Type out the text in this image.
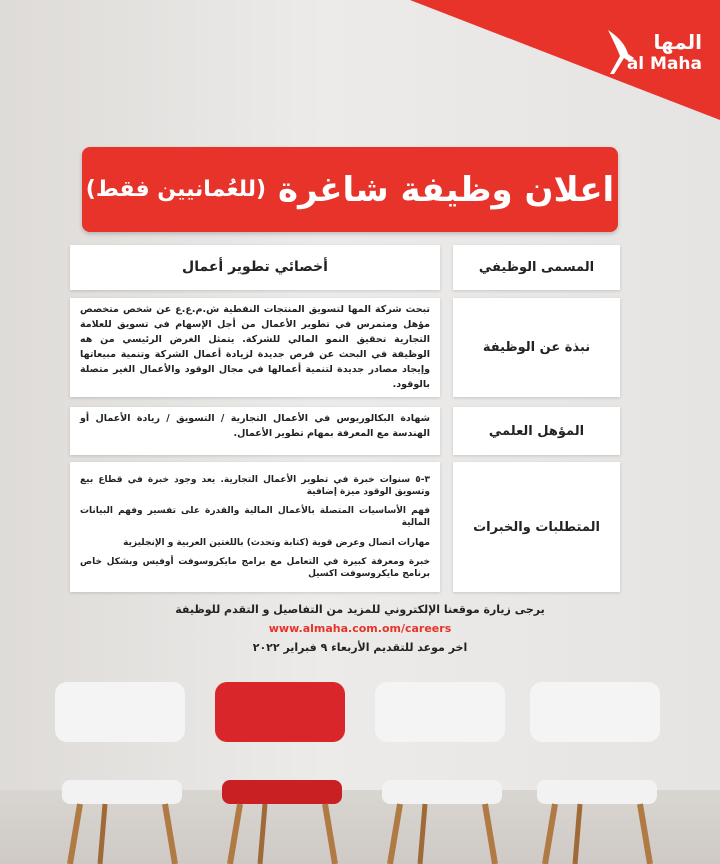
المها
al Maha
اعلان وظيفة شاغرة
(للعُمانيين فقط)
المسمى الوظيفي
أخصائي تطوير أعمال
نبذة عن الوظيفة
تبحث شركة المها لتسويق المنتجات النفطية ش.م.ع.ع عن شخص متخصص مؤهل ومتمرس في تطوير الأعمال من أجل الإسهام في تسويق للعلامة التجارية تحقيق النمو المالي للشركة. يتمثل الغرض الرئيسي من هه الوظيفة في البحث عن فرص جديدة لزيادة أعمال الشركة وتنمية مبيعاتها وإيجاد مصادر جديدة لتنمية أعمالها في مجال الوقود والأعمال الغير متصلة بالوقود.
المؤهل العلمي
شهادة البكالوريوس في الأعمال التجارية / التسويق / ريادة الأعمال أو الهندسة مع المعرفة بمهام تطوير الأعمال.
المتطلبات والخبرات

٣-٥ سنوات خبرة في تطوير الأعمال التجارية. يعد وجود خبرة في قطاع بيع وتسويق الوقود ميزة إضافية

فهم الأساسيات المتصلة بالأعمال المالية والقدرة على تفسير وفهم البيانات المالية

مهارات اتصال وعرض قوية (كتابة وتحدث) باللغتين العربية و الإنجليزية

خبرة ومعرفة كبيرة في التعامل مع برامج مايكروسوفت أوفيس وبشكل خاص برنامج مايكروسوفت اكسيل

يرجى زيارة موقعنا الإلكتروني للمزيد من التفاصيل و التقدم للوظيفة
www.almaha.com.om/careers
اخر موعد للتقديم الأربعاء ٩ فبراير ٢٠٢٢
